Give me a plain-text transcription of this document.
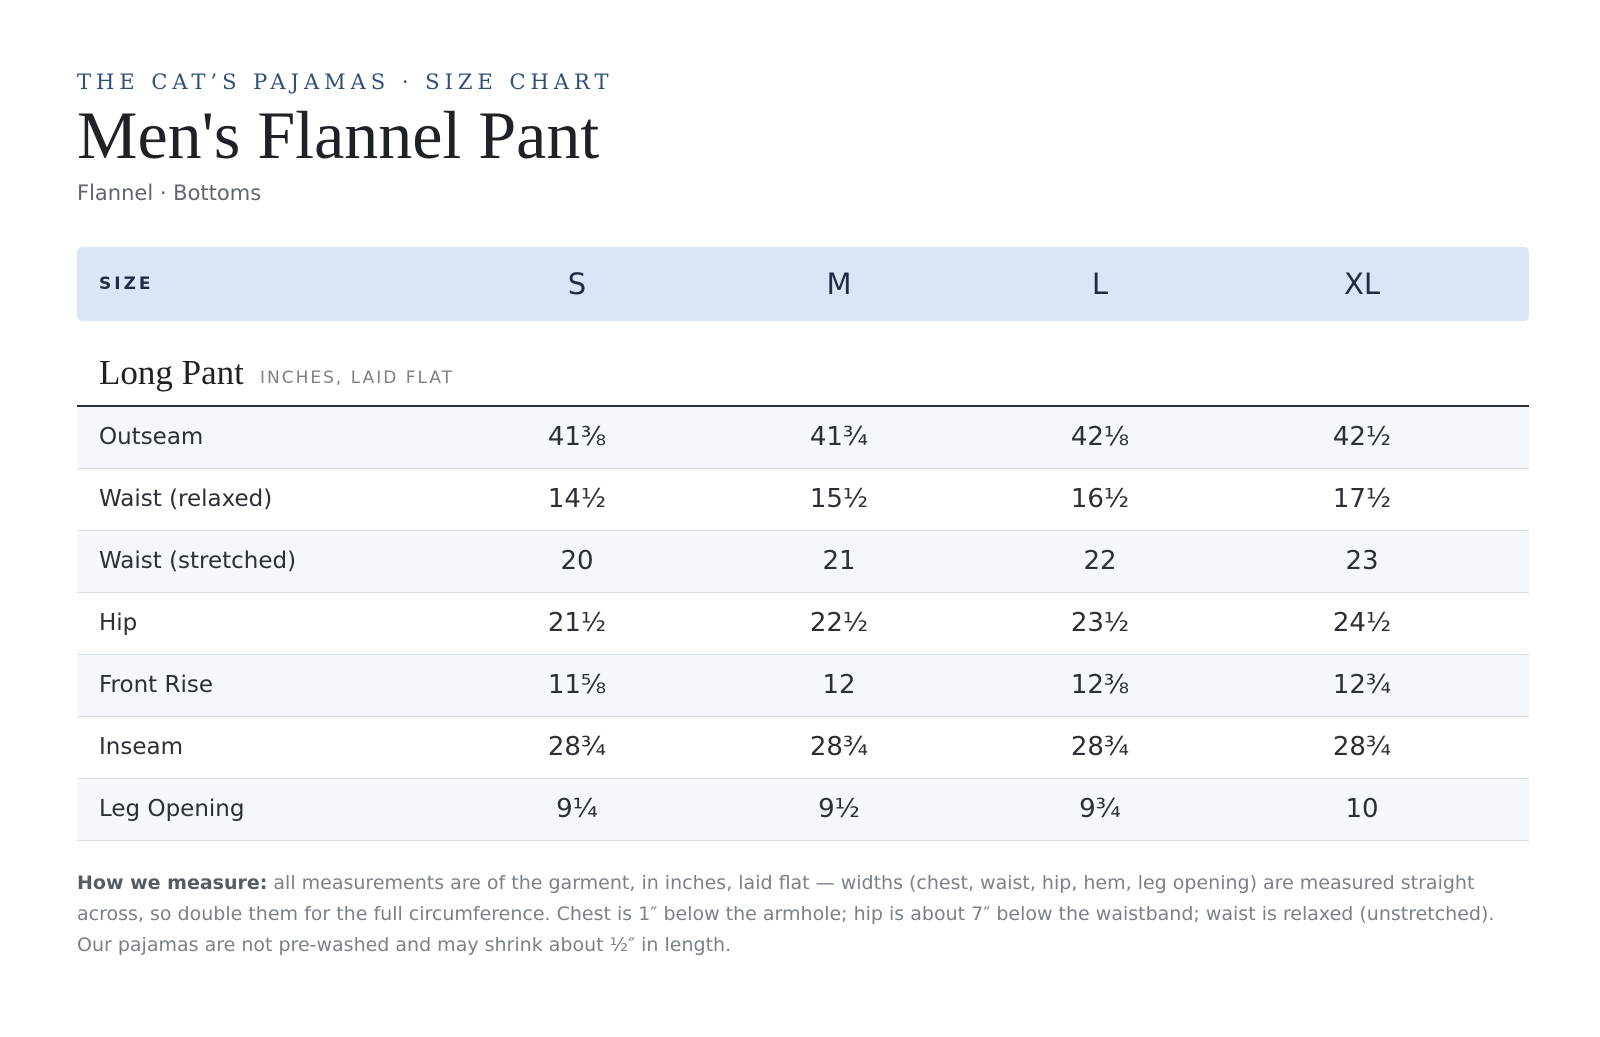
THE CAT’S PAJAMAS · SIZE CHART
Men's Flannel Pant
Flannel · Bottoms
SIZE	S	M	L	XL
Long Pant INCHES, LAID FLAT
Outseam	41⅜	41¾	42⅛	42½
Waist (relaxed)	14½	15½	16½	17½
Waist (stretched)	20	21	22	23
Hip	21½	22½	23½	24½
Front Rise	11⅝	12	12⅜	12¾
Inseam	28¾	28¾	28¾	28¾
Leg Opening	9¼	9½	9¾	10
How we measure: all measurements are of the garment, in inches, laid flat — widths (chest, waist, hip, hem, leg opening) are measured straight across, so double them for the full circumference. Chest is 1″ below the armhole; hip is about 7″ below the waistband; waist is relaxed (unstretched). Our pajamas are not pre-washed and may shrink about ½″ in length.
